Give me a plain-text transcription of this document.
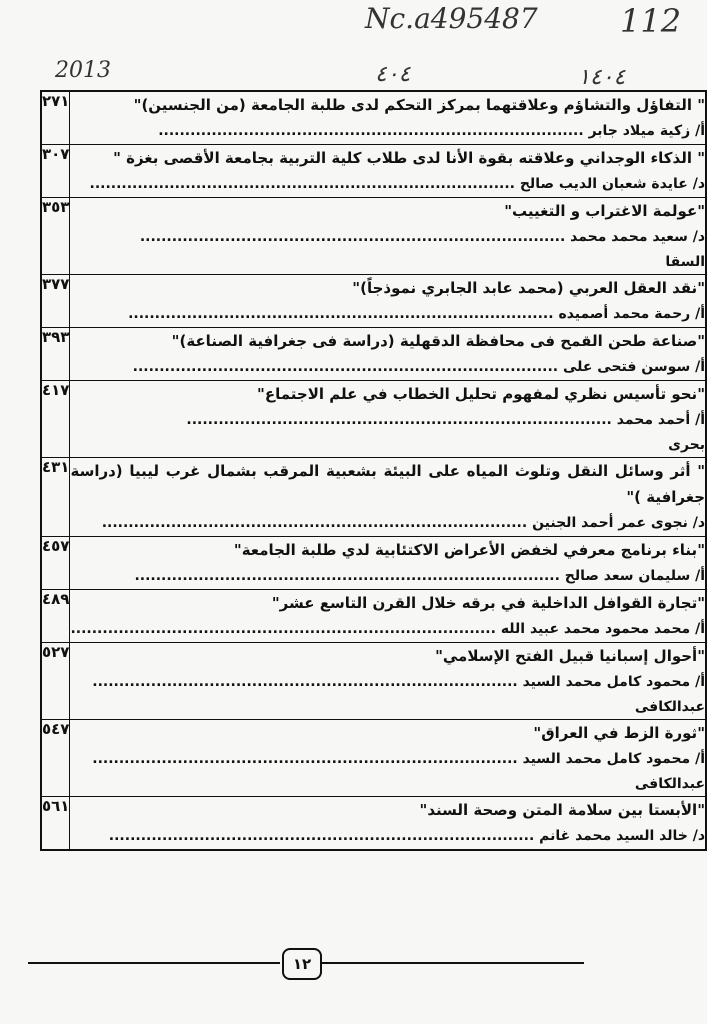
Nc.a495487	112
2013	٤٠٤	١٤٠٤
" التفاؤل والتشاؤم وعلاقتهما بمركز التحكم لدى طلبة الجامعة (من الجنسين)"
أ/ زكية ميلاد جابر ................................................................................	٢٧١

" الذكاء الوجداني وعلاقته بقوة الأنا لدى طلاب كلية التربية بجامعة الأقصى بغزة "
د/ عايدة شعبان الديب صالح ................................................................................	٣٠٧

"عولمة الاغتراب و التغييب"
د/ سعيد محمد محمد ................................................................................
السقا	٣٥٣

"نقد العقل العربي (محمد عابد الجابري نموذجاً)"
أ/ رحمة محمد أصميده ................................................................................	٣٧٧

"صناعة طحن القمح فى محافظة الدقهلية (دراسة فى جغرافية الصناعة)"
أ/ سوسن فتحى على ................................................................................	٣٩٣

"نحو تأسيس نظري لمفهوم تحليل الخطاب في علم الاجتماع"
أ/ أحمد محمد ................................................................................
بحرى	٤١٧

" أثر وسائل النقل وتلوث المياه على البيئة بشعبية المرقب بشمال غرب ليبيا (دراسة جغرافية )"
د/ نجوى عمر أحمد الجنين ................................................................................	٤٣١

"بناء برنامج معرفي لخفض الأعراض الاكتئابية لدي طلبة الجامعة"
أ/ سليمان سعد صالح ................................................................................	٤٥٧

"تجارة القوافل الداخلية في برقه خلال القرن التاسع عشر"
أ/ محمد محمود محمد عبيد الله ................................................................................	٤٨٩

"أحوال إسبانيا قبيل الفتح الإسلامي"
أ/ محمود كامل محمد السيد ................................................................................
عبدالكافى	٥٢٧

"ثورة الزط في العراق"
أ/ محمود كامل محمد السيد ................................................................................
عبدالكافى	٥٤٧

"الأبستا بين سلامة المتن وصحة السند"
د/ خالد السيد محمد غانم ................................................................................	٥٦١
١٢
